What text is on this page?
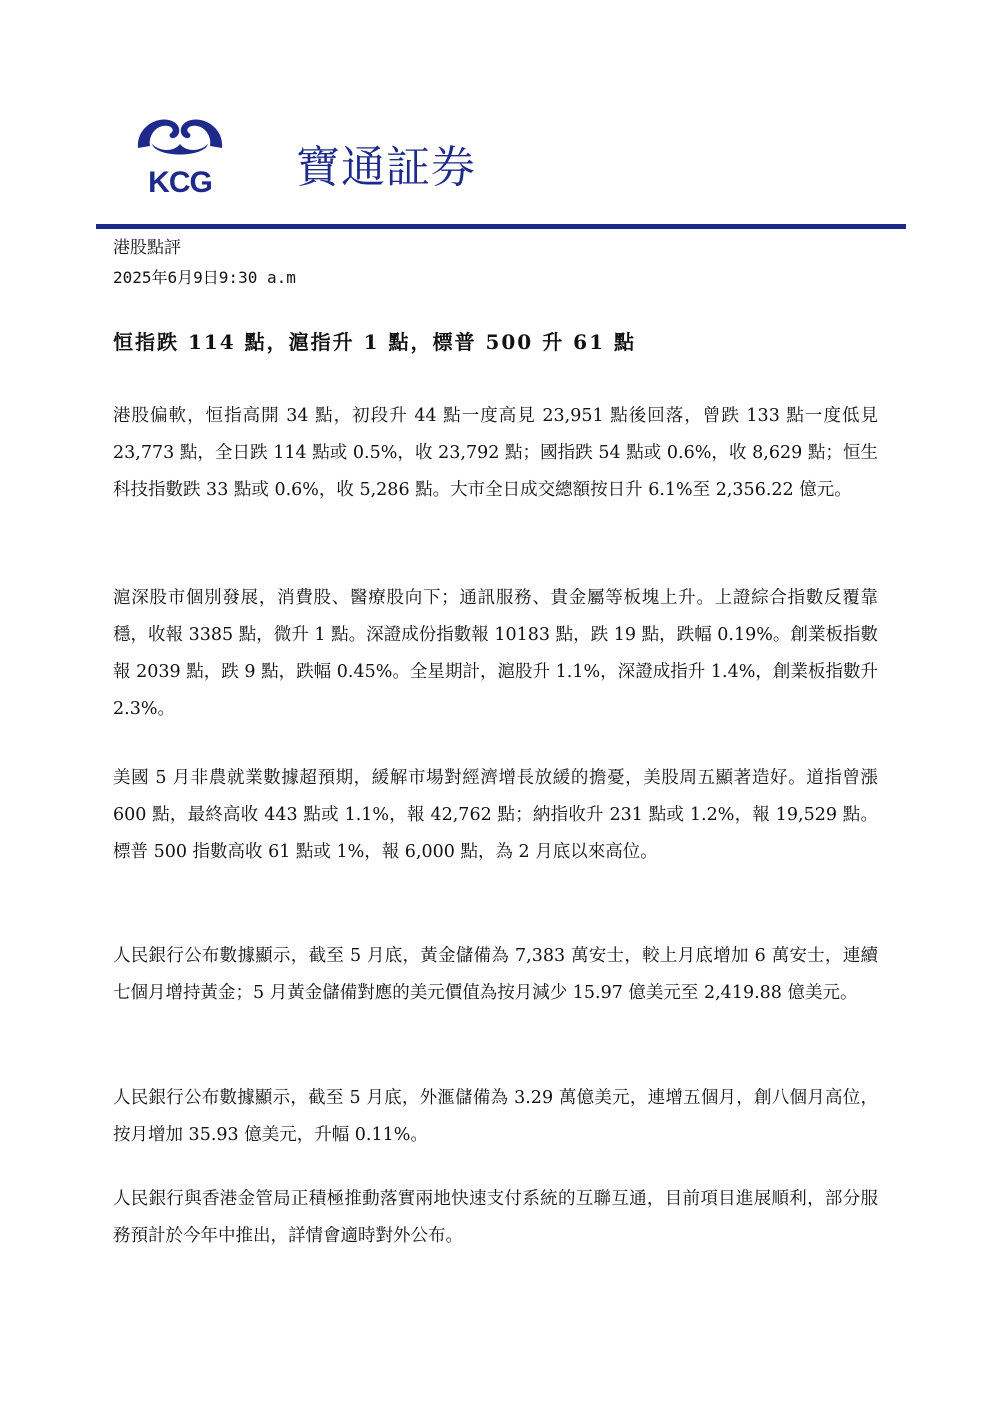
KCG 寶通証券
港股點評
2025年6月9日9:30 a.m
恒指跌 114 點，滬指升 1 點，標普 500 升 61 點

港股偏軟，恒指高開 34 點，初段升 44 點一度高見 23,951 點後回落，曾跌 133 點一度低見 23,773 點，全日跌 114 點或 0.5%，收 23,792 點；國指跌 54 點或 0.6%，收 8,629 點；恒生科技指數跌 33 點或 0.6%，收 5,286 點。大市全日成交總額按日升 6.1%至 2,356.22 億元。

滬深股市個別發展，消費股、醫療股向下；通訊服務、貴金屬等板塊上升。上證綜合指數反覆靠穩，收報 3385 點，微升 1 點。深證成份指數報 10183 點，跌 19 點，跌幅 0.19%。創業板指數報 2039 點，跌 9 點，跌幅 0.45%。全星期計，滬股升 1.1%，深證成指升 1.4%，創業板指數升 2.3%。

美國 5 月非農就業數據超預期，緩解市場對經濟增長放緩的擔憂，美股周五顯著造好。道指曾漲 600 點，最終高收 443 點或 1.1%，報 42,762 點；納指收升 231 點或 1.2%，報 19,529 點。標普 500 指數高收 61 點或 1%，報 6,000 點，為 2 月底以來高位。

人民銀行公布數據顯示，截至 5 月底，黃金儲備為 7,383 萬安士，較上月底增加 6 萬安士，連續七個月增持黃金；5 月黃金儲備對應的美元價值為按月減少 15.97 億美元至 2,419.88 億美元。

人民銀行公布數據顯示，截至 5 月底，外滙儲備為 3.29 萬億美元，連增五個月，創八個月高位，按月增加 35.93 億美元，升幅 0.11%。

人民銀行與香港金管局正積極推動落實兩地快速支付系統的互聯互通，目前項目進展順利，部分服務預計於今年中推出，詳情會適時對外公布。
